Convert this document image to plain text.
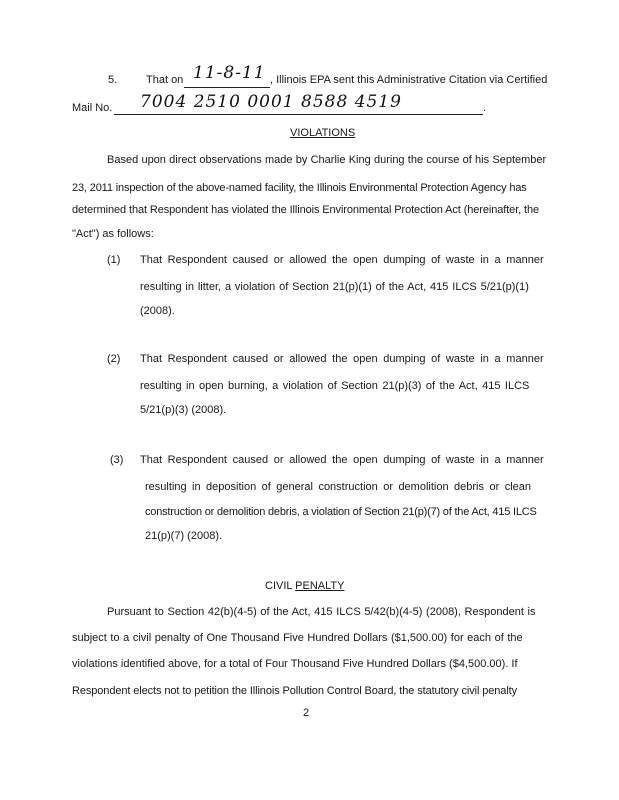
5.	That on 11-8-11 , Illinois EPA sent this Administrative Citation via Certified
Mail No. 7004 2510 0001 8588 4519	.
VIOLATIONS
Based upon direct observations made by Charlie King during the course of his September
23, 2011 inspection of the above-named facility, the Illinois Environmental Protection Agency has
determined that Respondent has violated the Illinois Environmental Protection Act (hereinafter, the
"Act") as follows:
(1) That Respondent caused or allowed the open dumping of waste in a manner
resulting in litter, a violation of Section 21(p)(1) of the Act, 415 ILCS 5/21(p)(1)
(2008).
(2) That Respondent caused or allowed the open dumping of waste in a manner
resulting in open burning, a violation of Section 21(p)(3) of the Act, 415 ILCS
5/21(p)(3) (2008).
(3) That Respondent caused or allowed the open dumping of waste in a manner
resulting in deposition of general construction or demolition debris or clean
construction or demolition debris, a violation of Section 21(p)(7) of the Act, 415 ILCS
21(p)(7) (2008).
CIVIL PENALTY
Pursuant to Section 42(b)(4-5) of the Act, 415 ILCS 5/42(b)(4-5) (2008), Respondent is
subject to a civil penalty of One Thousand Five Hundred Dollars ($1,500.00) for each of the
violations identified above, for a total of Four Thousand Five Hundred Dollars ($4,500.00). If
Respondent elects not to petition the Illinois Pollution Control Board, the statutory civil penalty
2
